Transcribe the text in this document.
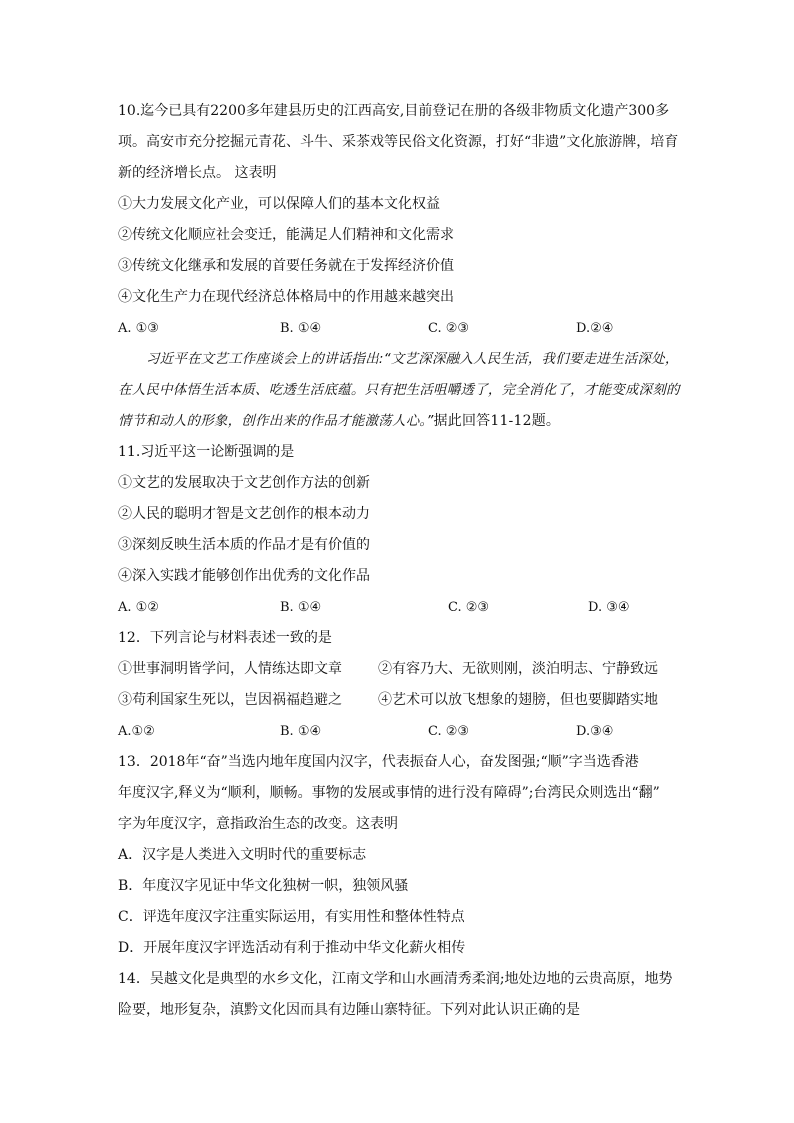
10.迄今已具有2200多年建县历史的江西高安,目前登记在册的各级非物质文化遗产300多项。高安市充分挖掘元青花、斗牛、采茶戏等民俗文化资源，打好“非遗”文化旅游牌，培育新的经济增长点。 这表明

①大力发展文化产业，可以保障人们的基本文化权益

②传统文化顺应社会变迁，能满足人们精神和文化需求

③传统文化继承和发展的首要任务就在于发挥经济价值

④文化生产力在现代经济总体格局中的作用越来越突出

A. ①③	B. ①④	C. ②③	D.②④

习近平在文艺工作座谈会上的讲话指出:“文艺深深融入人民生活，我们要走进生活深处，在人民中体悟生活本质、吃透生活底蕴。只有把生活咀嚼透了，完全消化了，才能变成深刻的情节和动人的形象，创作出来的作品才能激荡人心。”据此回答11-12题。

11.习近平这一论断强调的是

①文艺的发展取决于文艺创作方法的创新

②人民的聪明才智是文艺创作的根本动力

③深刻反映生活本质的作品才是有价值的

④深入实践才能够创作出优秀的文化作品

A. ①②	B. ①④	C. ②③	D. ③④

12．下列言论与材料表述一致的是

①世事洞明皆学问，人情练达即文章	②有容乃大、无欲则刚，淡泊明志、宁静致远
③苟利国家生死以，岂因祸福趋避之	④艺术可以放飞想象的翅膀，但也要脚踏实地
A.①②	B. ①④	C. ②③	D.③④

13．2018年“奋”当选内地年度国内汉字，代表振奋人心，奋发图强;“顺”字当选香港

年度汉字,释义为“顺利，顺畅。事物的发展或事情的进行没有障碍”;台湾民众则选出“翻”

字为年度汉字，意指政治生态的改变。这表明

A．汉字是人类进入文明时代的重要标志

B．年度汉字见证中华文化独树一帜，独领风骚

C．评选年度汉字注重实际运用，有实用性和整体性特点

D．开展年度汉字评选活动有利于推动中华文化薪火相传

14．吴越文化是典型的水乡文化，江南文学和山水画清秀柔润;地处边地的云贵高原，地势

险要，地形复杂，滇黔文化因而具有边陲山寨特征。下列对此认识正确的是
